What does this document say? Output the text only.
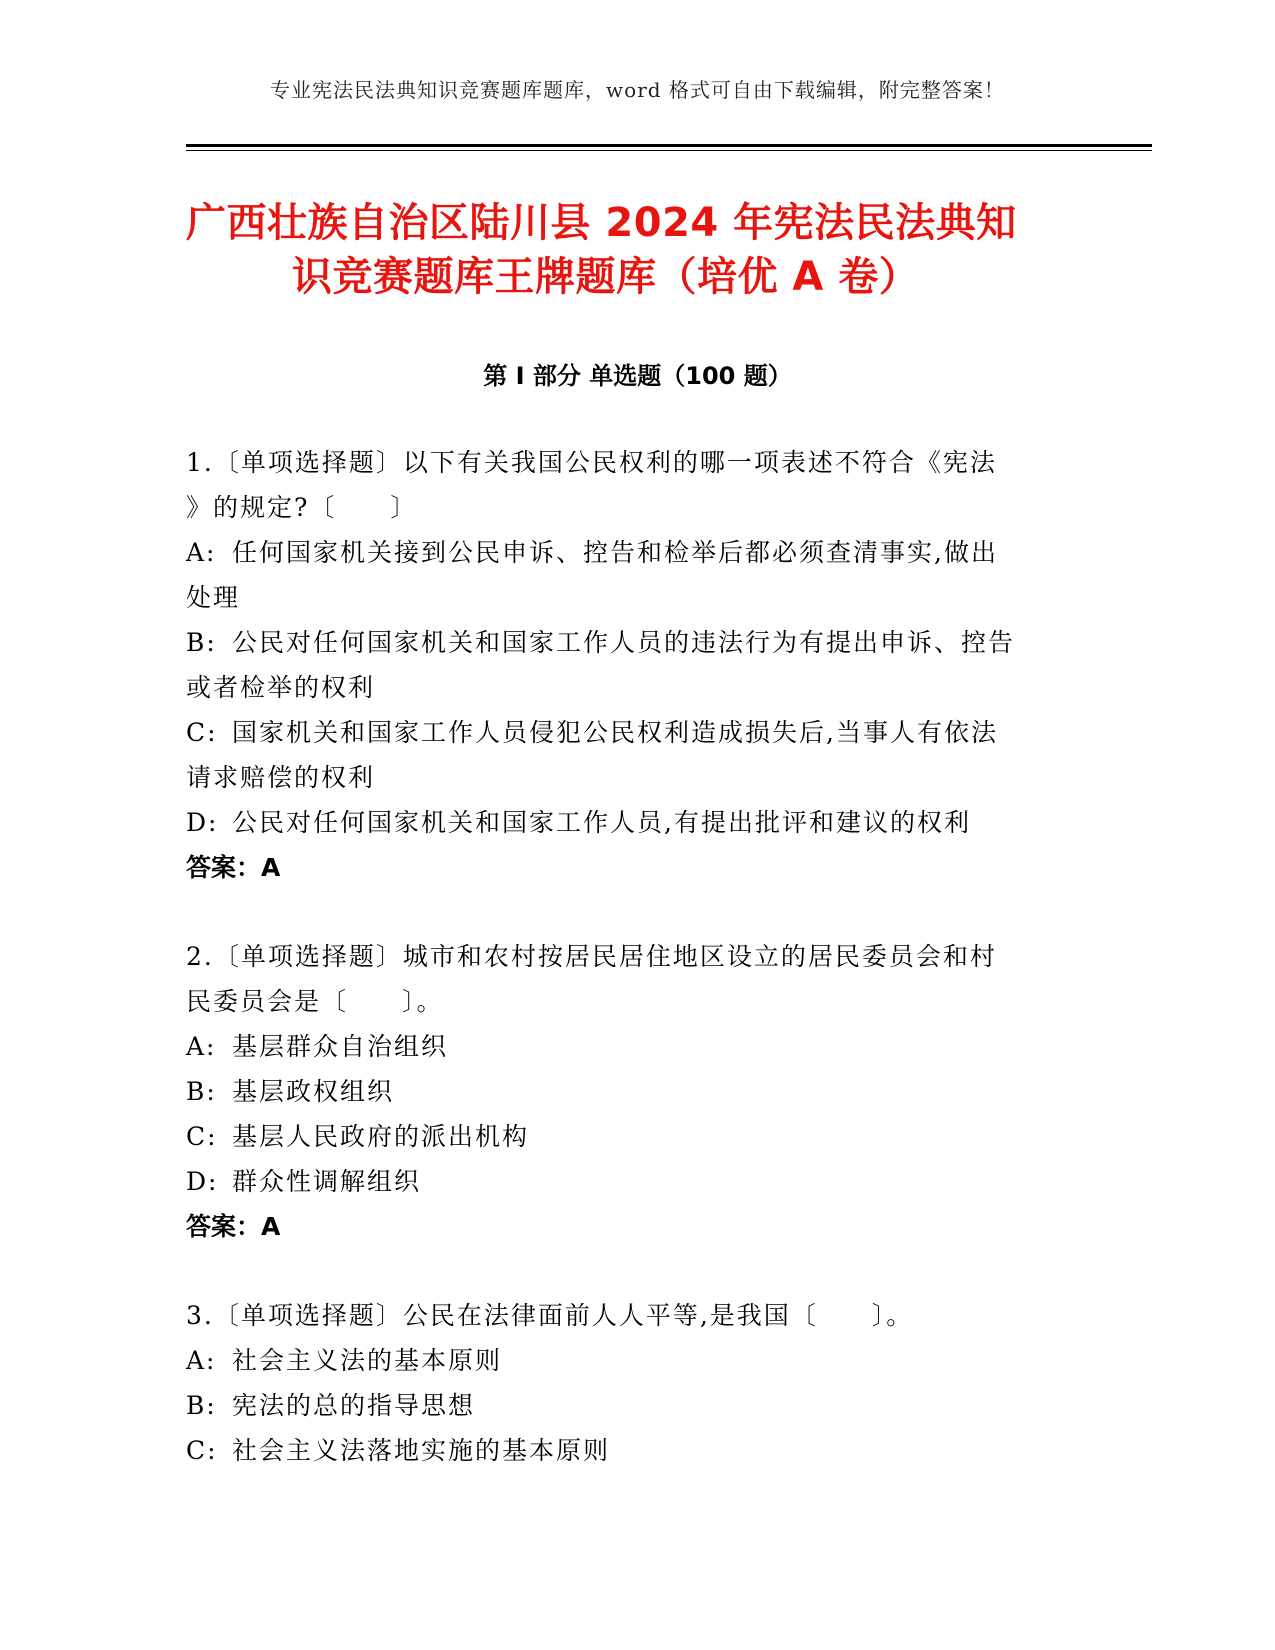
专业宪法民法典知识竞赛题库题库，word 格式可自由下载编辑，附完整答案！
广西壮族自治区陆川县 2024 年宪法民法典知
识竞赛题库王牌题库（培优 A 卷）
第 I 部分 单选题（100 题）
1.〔单项选择题〕以下有关我国公民权利的哪一项表述不符合《宪法
》的规定?〔　　〕
A: 任何国家机关接到公民申诉、控告和检举后都必须查清事实,做出
处理
B: 公民对任何国家机关和国家工作人员的违法行为有提出申诉、控告
或者检举的权利
C: 国家机关和国家工作人员侵犯公民权利造成损失后,当事人有依法
请求赔偿的权利
D: 公民对任何国家机关和国家工作人员,有提出批评和建议的权利
答案：A
2.〔单项选择题〕城市和农村按居民居住地区设立的居民委员会和村
民委员会是〔　　〕。
A: 基层群众自治组织
B: 基层政权组织
C: 基层人民政府的派出机构
D: 群众性调解组织
答案：A
3.〔单项选择题〕公民在法律面前人人平等,是我国〔　　〕。
A: 社会主义法的基本原则
B: 宪法的总的指导思想
C: 社会主义法落地实施的基本原则
